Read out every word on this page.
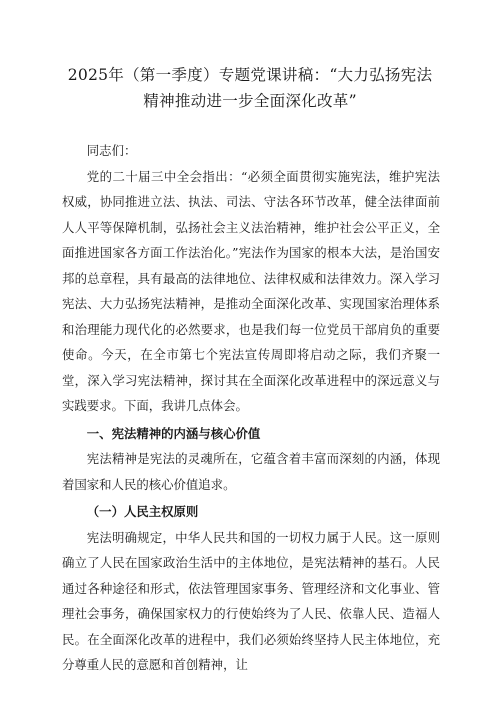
2025年（第一季度）专题党课讲稿：“大力弘扬宪法精神推动进一步全面深化改革”

同志们：

党的二十届三中全会指出：“必须全面贯彻实施宪法，维护宪法权威，协同推进立法、执法、司法、守法各环节改革，健全法律面前人人平等保障机制，弘扬社会主义法治精神，维护社会公平正义，全面推进国家各方面工作法治化。”宪法作为国家的根本大法，是治国安邦的总章程，具有最高的法律地位、法律权威和法律效力。深入学习宪法、大力弘扬宪法精神，是推动全面深化改革、实现国家治理体系和治理能力现代化的必然要求，也是我们每一位党员干部肩负的重要使命。今天，在全市第七个宪法宣传周即将启动之际，我们齐聚一堂，深入学习宪法精神，探讨其在全面深化改革进程中的深远意义与实践要求。下面，我讲几点体会。

一、宪法精神的内涵与核心价值

宪法精神是宪法的灵魂所在，它蕴含着丰富而深刻的内涵，体现着国家和人民的核心价值追求。

（一）人民主权原则

宪法明确规定，中华人民共和国的一切权力属于人民。这一原则确立了人民在国家政治生活中的主体地位，是宪法精神的基石。人民通过各种途径和形式，依法管理国家事务、管理经济和文化事业、管理社会事务，确保国家权力的行使始终为了人民、依靠人民、造福人民。在全面深化改革的进程中，我们必须始终坚持人民主体地位，充分尊重人民的意愿和首创精神，让
